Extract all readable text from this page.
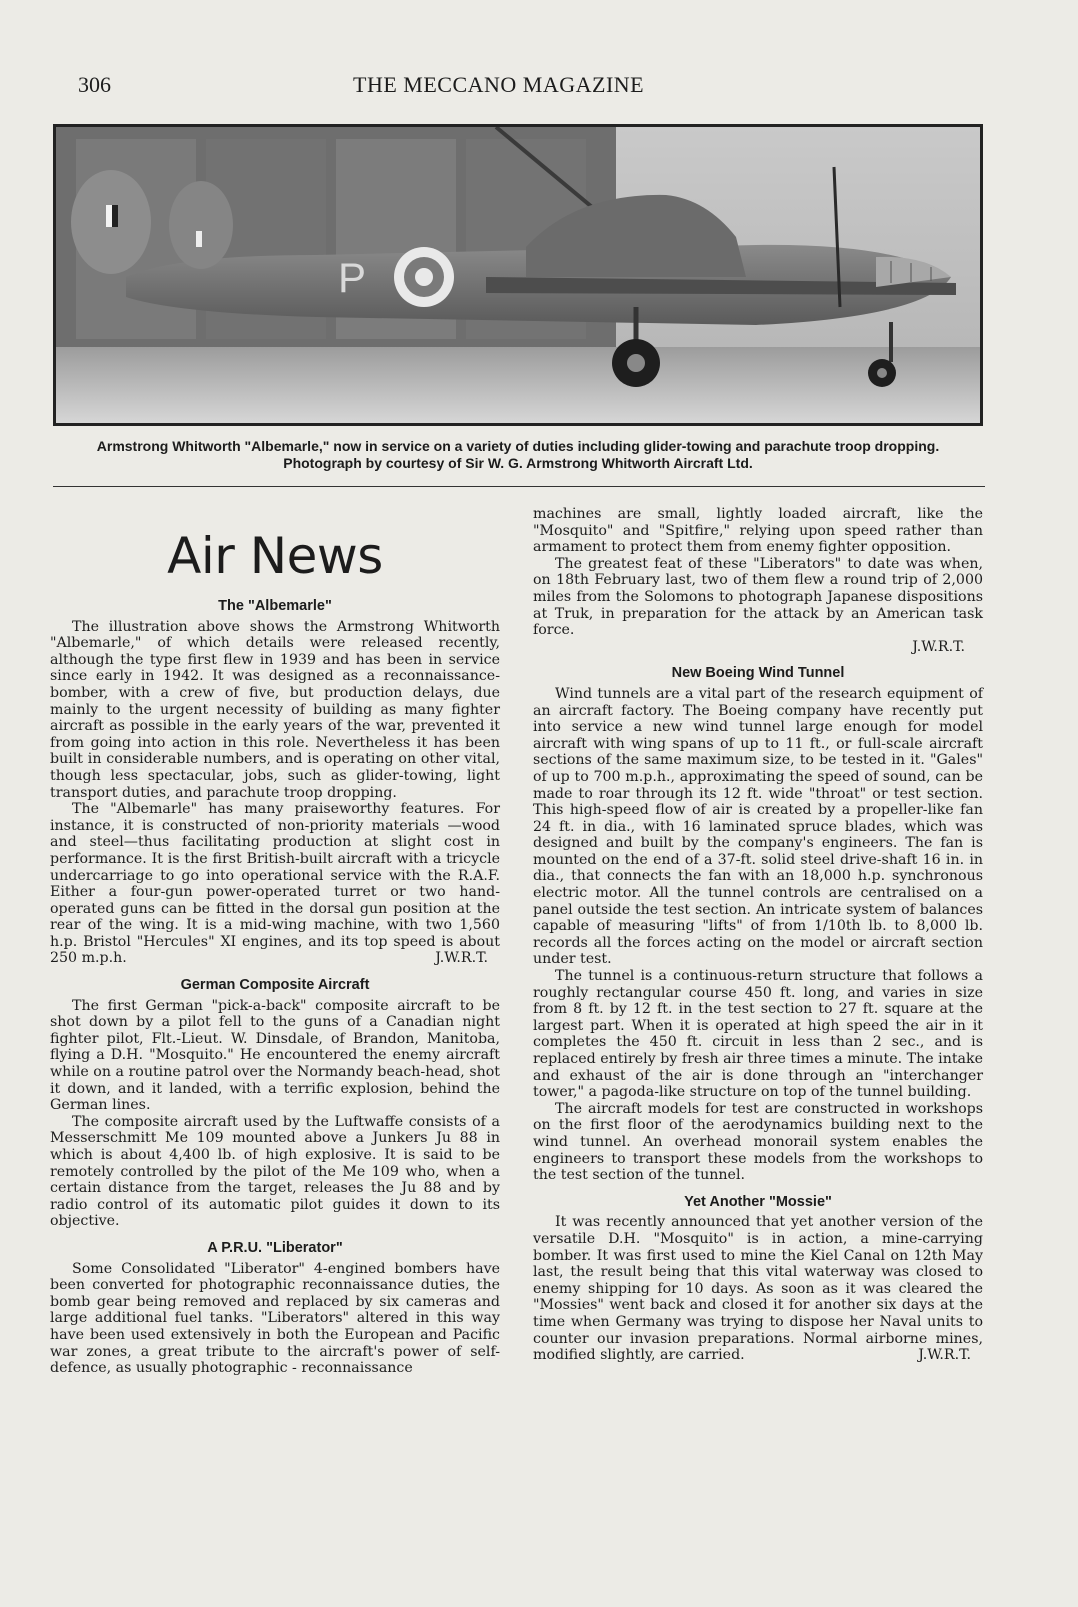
306	THE MECCANO MAGAZINE
P
Armstrong Whitworth "Albemarle," now in service on a variety of duties including glider-towing and parachute troop dropping. Photograph by courtesy of Sir W. G. Armstrong Whitworth Aircraft Ltd.
Air News
The "Albemarle"

The illustration above shows the Armstrong Whitworth "Albemarle," of which details were released recently, although the type first flew in 1939 and has been in service since early in 1942. It was designed as a reconnaissance-bomber, with a crew of five, but production delays, due mainly to the urgent necessity of building as many fighter aircraft as possible in the early years of the war, prevented it from going into action in this role. Nevertheless it has been built in considerable numbers, and is operating on other vital, though less spectacular, jobs, such as glider-towing, light transport duties, and parachute troop dropping.

The "Albemarle" has many praiseworthy features. For instance, it is constructed of non-priority materials —wood and steel—thus facilitating production at slight cost in performance. It is the first British-built aircraft with a tricycle undercarriage to go into operational service with the R.A.F. Either a four-gun power-operated turret or two hand-operated guns can be fitted in the dorsal gun position at the rear of the wing. It is a mid-wing machine, with two 1,560 h.p. Bristol "Hercules" XI engines, and its top speed is about 250 m.p.h.	J.W.R.T.

German Composite Aircraft

The first German "pick-a-back" composite aircraft to be shot down by a pilot fell to the guns of a Canadian night fighter pilot, Flt.-Lieut. W. Dinsdale, of Brandon, Manitoba, flying a D.H. "Mosquito." He encountered the enemy aircraft while on a routine patrol over the Normandy beach-head, shot it down, and it landed, with a terrific explosion, behind the German lines.

The composite aircraft used by the Luftwaffe consists of a Messerschmitt Me 109 mounted above a Junkers Ju 88 in which is about 4,400 lb. of high explosive. It is said to be remotely controlled by the pilot of the Me 109 who, when a certain distance from the target, releases the Ju 88 and by radio control of its automatic pilot guides it down to its objective.

A P.R.U. "Liberator"

Some Consolidated "Liberator" 4-engined bombers have been converted for photographic reconnaissance duties, the bomb gear being removed and replaced by six cameras and large additional fuel tanks. "Liberators" altered in this way have been used extensively in both the European and Pacific war zones, a great tribute to the aircraft's power of self-defence, as usually photographic - reconnaissance

machines are small, lightly loaded aircraft, like the "Mosquito" and "Spitfire," relying upon speed rather than armament to protect them from enemy fighter opposition.

The greatest feat of these "Liberators" to date was when, on 18th February last, two of them flew a round trip of 2,000 miles from the Solomons to photograph Japanese dispositions at Truk, in preparation for the attack by an American task force.

J.W.R.T.
New Boeing Wind Tunnel

Wind tunnels are a vital part of the research equipment of an aircraft factory. The Boeing company have recently put into service a new wind tunnel large enough for model aircraft with wing spans of up to 11 ft., or full-scale aircraft sections of the same maximum size, to be tested in it. "Gales" of up to 700 m.p.h., approximating the speed of sound, can be made to roar through its 12 ft. wide "throat" or test section. This high-speed flow of air is created by a propeller-like fan 24 ft. in dia., with 16 laminated spruce blades, which was designed and built by the company's engineers. The fan is mounted on the end of a 37-ft. solid steel drive-shaft 16 in. in dia., that connects the fan with an 18,000 h.p. synchronous electric motor. All the tunnel controls are centralised on a panel outside the test section. An intricate system of balances capable of measuring "lifts" of from 1/10th lb. to 8,000 lb. records all the forces acting on the model or aircraft section under test.

The tunnel is a continuous-return structure that follows a roughly rectangular course 450 ft. long, and varies in size from 8 ft. by 12 ft. in the test section to 27 ft. square at the largest part. When it is operated at high speed the air in it completes the 450 ft. circuit in less than 2 sec., and is replaced entirely by fresh air three times a minute. The intake and exhaust of the air is done through an "interchanger tower," a pagoda-like structure on top of the tunnel building.

The aircraft models for test are constructed in workshops on the first floor of the aerodynamics building next to the wind tunnel. An overhead monorail system enables the engineers to transport these models from the workshops to the test section of the tunnel.

Yet Another "Mossie"

It was recently announced that yet another version of the versatile D.H. "Mosquito" is in action, a mine-carrying bomber. It was first used to mine the Kiel Canal on 12th May last, the result being that this vital waterway was closed to enemy shipping for 10 days. As soon as it was cleared the "Mossies" went back and closed it for another six days at the time when Germany was trying to dispose her Naval units to counter our invasion preparations. Normal airborne mines, modified slightly, are carried.	J.W.R.T.
